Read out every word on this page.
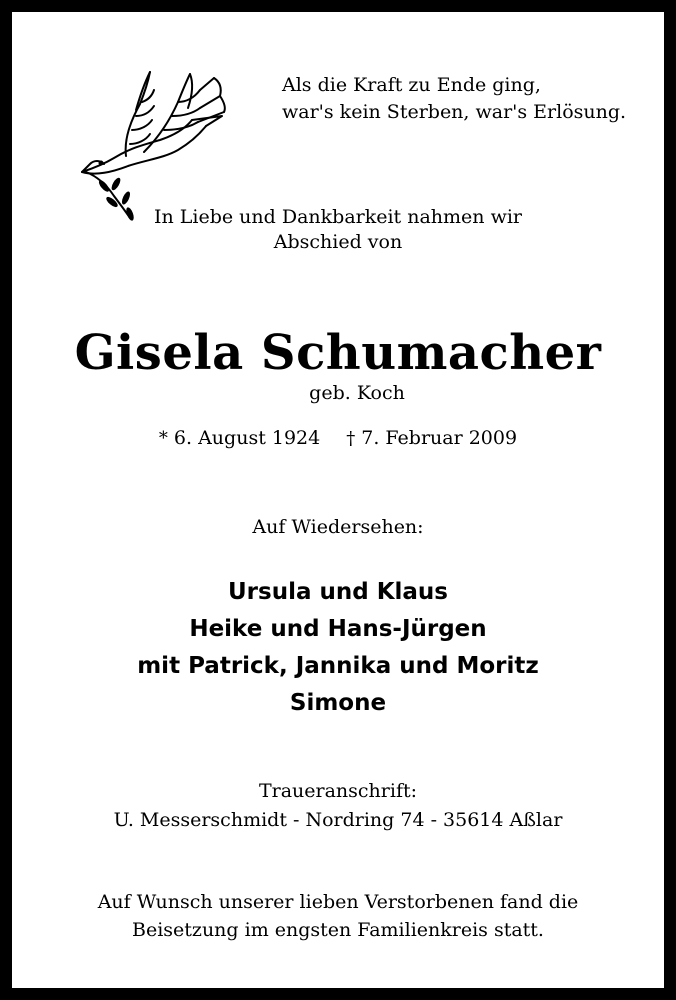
Als die Kraft zu Ende ging,
war's kein Sterben, war's Erlösung.
In Liebe und Dankbarkeit nahmen wir
Abschied von
Gisela Schumacher
geb. Koch
* 6. August 1924 † 7. Februar 2009
Auf Wiedersehen:
Ursula und Klaus
Heike und Hans-Jürgen
mit Patrick, Jannika und Moritz
Simone
Traueranschrift:
U. Messerschmidt - Nordring 74 - 35614 Aßlar
Auf Wunsch unserer lieben Verstorbenen fand die
Beisetzung im engsten Familienkreis statt.
